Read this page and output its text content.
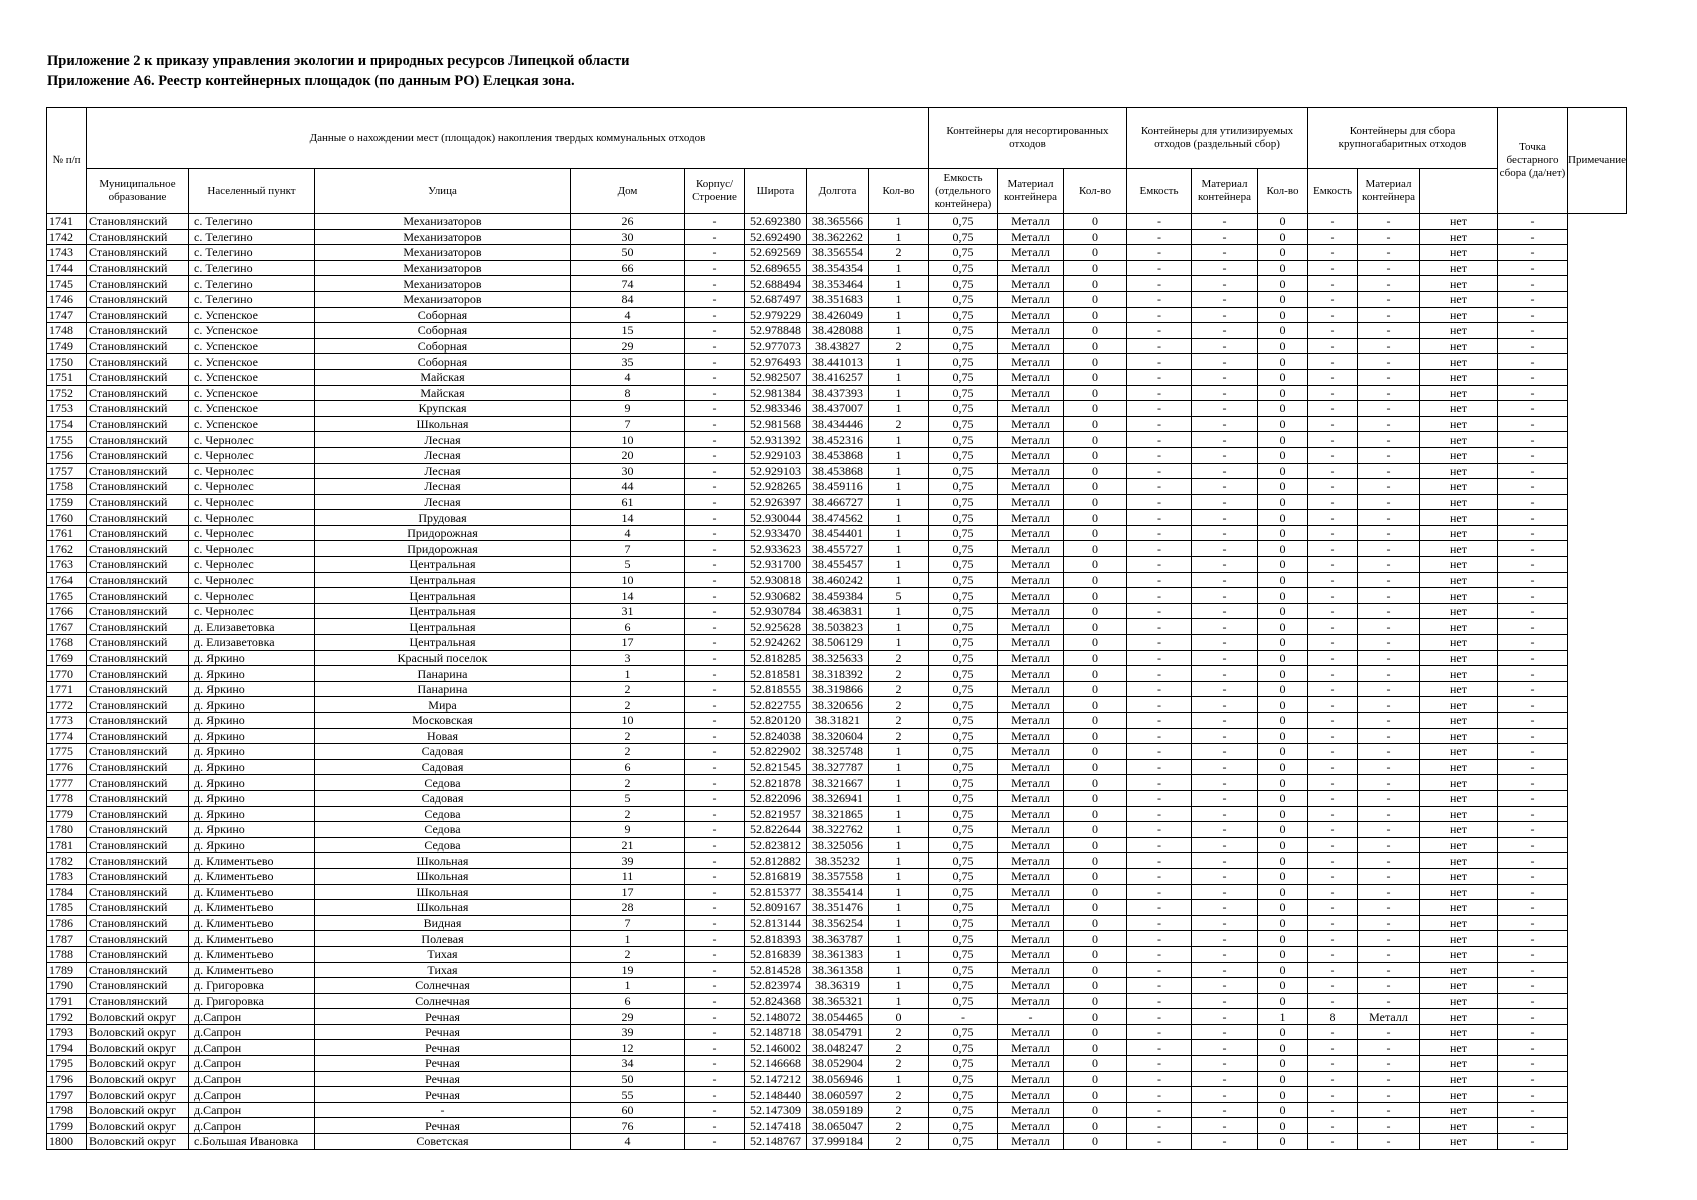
Приложение 2 к приказу управления экологии и природных ресурсов Липецкой области
Приложение А6. Реестр контейнерных площадок (по данным РО) Елецкая зона.
№ п/п	Данные о нахождении мест (площадок) накопления твердых коммунальных отходов								Контейнеры для несортированных отходов			Контейнеры для утилизируемых отходов (раздельный сбор)			Контейнеры для сбора крупногабаритных отходов			Точка бестарного сбора (да/нет)	Примечание
	Муниципальное образование	Населенный пункт	Улица	Дом	Корпус/ Строение	Широта	Долгота	Кол-во	Емкость (отдельного контейнера)	Материал контейнера	Кол-во	Емкость	Материал контейнера	Кол-во	Емкость	Материал контейнера			
1741	Становлянский	с. Телегино	Механизаторов	26	-	52.692380	38.365566	1	0,75	Металл	0	-	-	0	-	-	нет	-	
1742	Становлянский	с. Телегино	Механизаторов	30	-	52.692490	38.362262	1	0,75	Металл	0	-	-	0	-	-	нет	-	
1743	Становлянский	с. Телегино	Механизаторов	50	-	52.692569	38.356554	2	0,75	Металл	0	-	-	0	-	-	нет	-	
1744	Становлянский	с. Телегино	Механизаторов	66	-	52.689655	38.354354	1	0,75	Металл	0	-	-	0	-	-	нет	-	
1745	Становлянский	с. Телегино	Механизаторов	74	-	52.688494	38.353464	1	0,75	Металл	0	-	-	0	-	-	нет	-	
1746	Становлянский	с. Телегино	Механизаторов	84	-	52.687497	38.351683	1	0,75	Металл	0	-	-	0	-	-	нет	-	
1747	Становлянский	с. Успенское	Соборная	4	-	52.979229	38.426049	1	0,75	Металл	0	-	-	0	-	-	нет	-	
1748	Становлянский	с. Успенское	Соборная	15	-	52.978848	38.428088	1	0,75	Металл	0	-	-	0	-	-	нет	-	
1749	Становлянский	с. Успенское	Соборная	29	-	52.977073	38.43827	2	0,75	Металл	0	-	-	0	-	-	нет	-	
1750	Становлянский	с. Успенское	Соборная	35	-	52.976493	38.441013	1	0,75	Металл	0	-	-	0	-	-	нет	-	
1751	Становлянский	с. Успенское	Майская	4	-	52.982507	38.416257	1	0,75	Металл	0	-	-	0	-	-	нет	-	
1752	Становлянский	с. Успенское	Майская	8	-	52.981384	38.437393	1	0,75	Металл	0	-	-	0	-	-	нет	-	
1753	Становлянский	с. Успенское	Крупская	9	-	52.983346	38.437007	1	0,75	Металл	0	-	-	0	-	-	нет	-	
1754	Становлянский	с. Успенское	Школьная	7	-	52.981568	38.434446	2	0,75	Металл	0	-	-	0	-	-	нет	-	
1755	Становлянский	с. Чернолес	Лесная	10	-	52.931392	38.452316	1	0,75	Металл	0	-	-	0	-	-	нет	-	
1756	Становлянский	с. Чернолес	Лесная	20	-	52.929103	38.453868	1	0,75	Металл	0	-	-	0	-	-	нет	-	
1757	Становлянский	с. Чернолес	Лесная	30	-	52.929103	38.453868	1	0,75	Металл	0	-	-	0	-	-	нет	-	
1758	Становлянский	с. Чернолес	Лесная	44	-	52.928265	38.459116	1	0,75	Металл	0	-	-	0	-	-	нет	-	
1759	Становлянский	с. Чернолес	Лесная	61	-	52.926397	38.466727	1	0,75	Металл	0	-	-	0	-	-	нет	-	
1760	Становлянский	с. Чернолес	Прудовая	14	-	52.930044	38.474562	1	0,75	Металл	0	-	-	0	-	-	нет	-	
1761	Становлянский	с. Чернолес	Придорожная	4	-	52.933470	38.454401	1	0,75	Металл	0	-	-	0	-	-	нет	-	
1762	Становлянский	с. Чернолес	Придорожная	7	-	52.933623	38.455727	1	0,75	Металл	0	-	-	0	-	-	нет	-	
1763	Становлянский	с. Чернолес	Центральная	5	-	52.931700	38.455457	1	0,75	Металл	0	-	-	0	-	-	нет	-	
1764	Становлянский	с. Чернолес	Центральная	10	-	52.930818	38.460242	1	0,75	Металл	0	-	-	0	-	-	нет	-	
1765	Становлянский	с. Чернолес	Центральная	14	-	52.930682	38.459384	5	0,75	Металл	0	-	-	0	-	-	нет	-	
1766	Становлянский	с. Чернолес	Центральная	31	-	52.930784	38.463831	1	0,75	Металл	0	-	-	0	-	-	нет	-	
1767	Становлянский	д. Елизаветовка	Центральная	6	-	52.925628	38.503823	1	0,75	Металл	0	-	-	0	-	-	нет	-	
1768	Становлянский	д. Елизаветовка	Центральная	17	-	52.924262	38.506129	1	0,75	Металл	0	-	-	0	-	-	нет	-	
1769	Становлянский	д. Яркино	Красный поселок	3	-	52.818285	38.325633	2	0,75	Металл	0	-	-	0	-	-	нет	-	
1770	Становлянский	д. Яркино	Панарина	1	-	52.818581	38.318392	2	0,75	Металл	0	-	-	0	-	-	нет	-	
1771	Становлянский	д. Яркино	Панарина	2	-	52.818555	38.319866	2	0,75	Металл	0	-	-	0	-	-	нет	-	
1772	Становлянский	д. Яркино	Мира	2	-	52.822755	38.320656	2	0,75	Металл	0	-	-	0	-	-	нет	-	
1773	Становлянский	д. Яркино	Московская	10	-	52.820120	38.31821	2	0,75	Металл	0	-	-	0	-	-	нет	-	
1774	Становлянский	д. Яркино	Новая	2	-	52.824038	38.320604	2	0,75	Металл	0	-	-	0	-	-	нет	-	
1775	Становлянский	д. Яркино	Садовая	2	-	52.822902	38.325748	1	0,75	Металл	0	-	-	0	-	-	нет	-	
1776	Становлянский	д. Яркино	Садовая	6	-	52.821545	38.327787	1	0,75	Металл	0	-	-	0	-	-	нет	-	
1777	Становлянский	д. Яркино	Седова	2	-	52.821878	38.321667	1	0,75	Металл	0	-	-	0	-	-	нет	-	
1778	Становлянский	д. Яркино	Садовая	5	-	52.822096	38.326941	1	0,75	Металл	0	-	-	0	-	-	нет	-	
1779	Становлянский	д. Яркино	Седова	2	-	52.821957	38.321865	1	0,75	Металл	0	-	-	0	-	-	нет	-	
1780	Становлянский	д. Яркино	Седова	9	-	52.822644	38.322762	1	0,75	Металл	0	-	-	0	-	-	нет	-	
1781	Становлянский	д. Яркино	Седова	21	-	52.823812	38.325056	1	0,75	Металл	0	-	-	0	-	-	нет	-	
1782	Становлянский	д. Климентьево	Школьная	39	-	52.812882	38.35232	1	0,75	Металл	0	-	-	0	-	-	нет	-	
1783	Становлянский	д. Климентьево	Школьная	11	-	52.816819	38.357558	1	0,75	Металл	0	-	-	0	-	-	нет	-	
1784	Становлянский	д. Климентьево	Школьная	17	-	52.815377	38.355414	1	0,75	Металл	0	-	-	0	-	-	нет	-	
1785	Становлянский	д. Климентьево	Школьная	28	-	52.809167	38.351476	1	0,75	Металл	0	-	-	0	-	-	нет	-	
1786	Становлянский	д. Климентьево	Видная	7	-	52.813144	38.356254	1	0,75	Металл	0	-	-	0	-	-	нет	-	
1787	Становлянский	д. Климентьево	Полевая	1	-	52.818393	38.363787	1	0,75	Металл	0	-	-	0	-	-	нет	-	
1788	Становлянский	д. Климентьево	Тихая	2	-	52.816839	38.361383	1	0,75	Металл	0	-	-	0	-	-	нет	-	
1789	Становлянский	д. Климентьево	Тихая	19	-	52.814528	38.361358	1	0,75	Металл	0	-	-	0	-	-	нет	-	
1790	Становлянский	д. Григоровка	Солнечная	1	-	52.823974	38.36319	1	0,75	Металл	0	-	-	0	-	-	нет	-	
1791	Становлянский	д. Григоровка	Солнечная	6	-	52.824368	38.365321	1	0,75	Металл	0	-	-	0	-	-	нет	-	
1792	Воловский округ	д.Сапрон	Речная	29	-	52.148072	38.054465	0	-	-	0	-	-	1	8	Металл	нет	-	
1793	Воловский округ	д.Сапрон	Речная	39	-	52.148718	38.054791	2	0,75	Металл	0	-	-	0	-	-	нет	-	
1794	Воловский округ	д.Сапрон	Речная	12	-	52.146002	38.048247	2	0,75	Металл	0	-	-	0	-	-	нет	-	
1795	Воловский округ	д.Сапрон	Речная	34	-	52.146668	38.052904	2	0,75	Металл	0	-	-	0	-	-	нет	-	
1796	Воловский округ	д.Сапрон	Речная	50	-	52.147212	38.056946	1	0,75	Металл	0	-	-	0	-	-	нет	-	
1797	Воловский округ	д.Сапрон	Речная	55	-	52.148440	38.060597	2	0,75	Металл	0	-	-	0	-	-	нет	-	
1798	Воловский округ	д.Сапрон	-	60	-	52.147309	38.059189	2	0,75	Металл	0	-	-	0	-	-	нет	-	
1799	Воловский округ	д.Сапрон	Речная	76	-	52.147418	38.065047	2	0,75	Металл	0	-	-	0	-	-	нет	-	
1800	Воловский округ	с.Большая Ивановка	Советская	4	-	52.148767	37.999184	2	0,75	Металл	0	-	-	0	-	-	нет	-	
